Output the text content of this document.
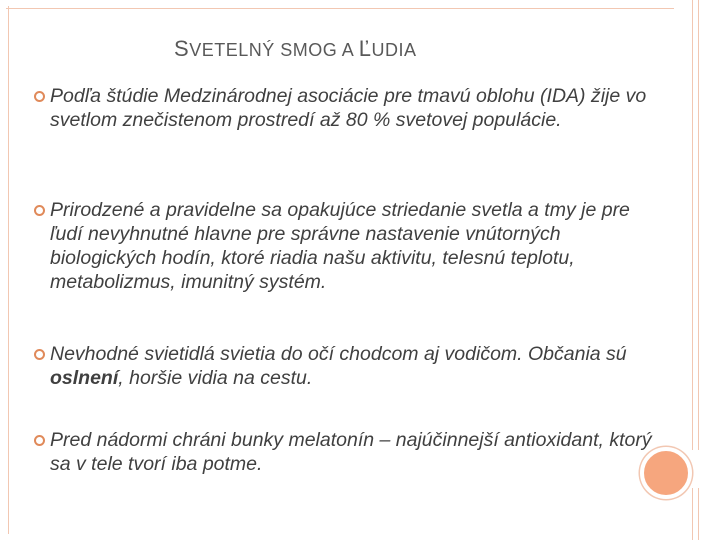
SVETELNÝ SMOG A ĽUDIA
Podľa štúdie Medzinárodnej asociácie pre tmavú oblohu (IDA) žije vo svetlom znečistenom prostredí až 80 % svetovej populácie.
Prirodzené a pravidelne sa opakujúce striedanie svetla a tmy je pre ľudí nevyhnutné hlavne pre správne nastavenie vnútorných biologických hodín, ktoré riadia našu aktivitu, telesnú teplotu, metabolizmus, imunitný systém.
Nevhodné svietidlá svietia do očí chodcom aj vodičom. Občania sú oslnení, horšie vidia na cestu.
Pred nádormi chráni bunky melatonín – najúčinnejší antioxidant, ktorý sa v tele tvorí iba potme.
